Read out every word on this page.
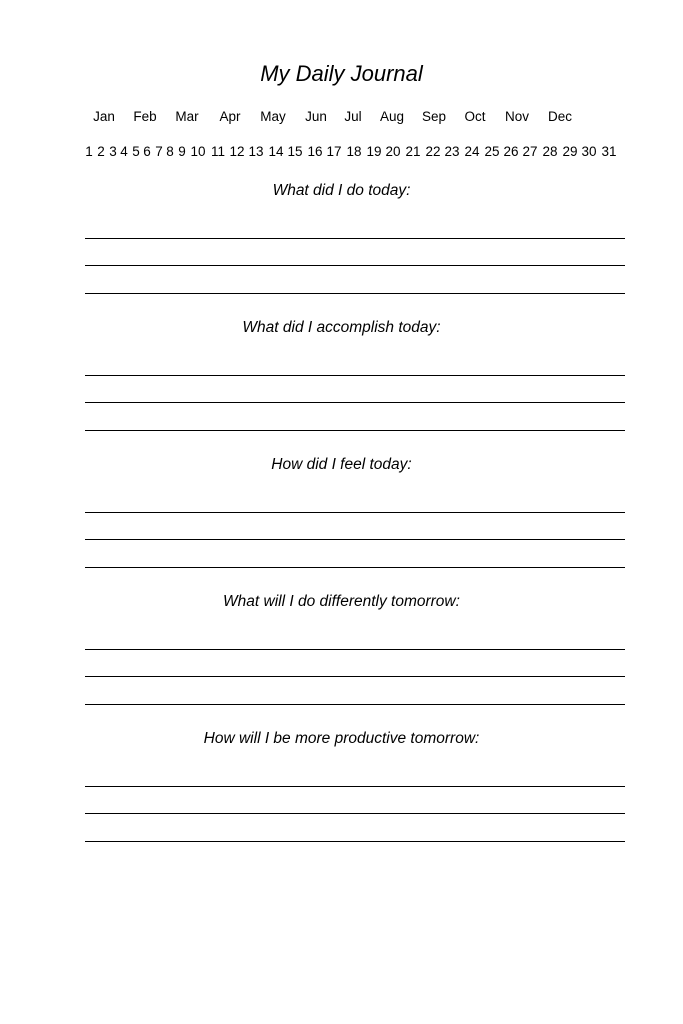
My Daily Journal
Jan Feb Mar Apr May Jun Jul Aug Sep Oct Nov Dec
1 2 3 4 5 6 7 8 9 10 11 12 13 14 15 16 17 18 19 20 21 22 23 24 25 26 27 28 29 30 31
What did I do today:
What did I accomplish today:
How did I feel today:
What will I do differently tomorrow:
How will I be more productive tomorrow:
